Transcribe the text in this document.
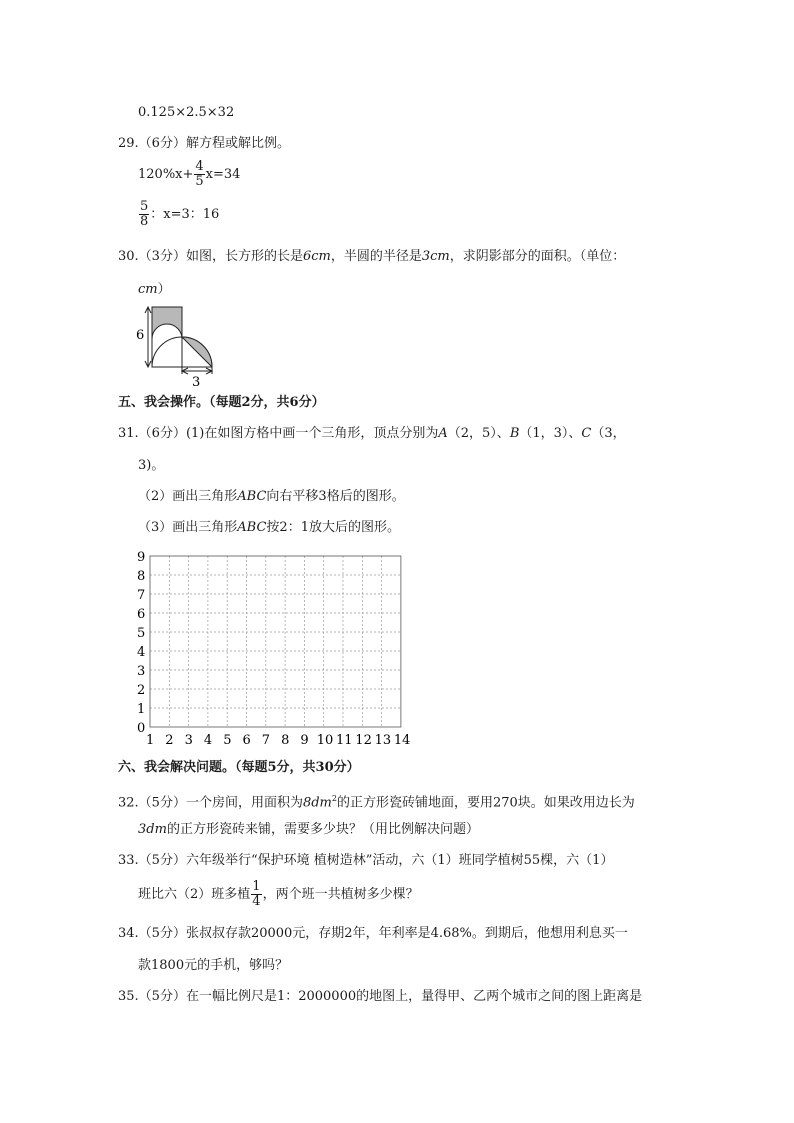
0.125×2.5×32
29.（6分）解方程或解比例。
$120\%x+ \frac{4}{5} x=34$
$\frac{5}{8}$ ：x=3：16
30.（3分）如图，长方形的长是6cm，半圆的半径是3cm，求阴影部分的面积。（单位：
cm）
6
3
五、我会操作。（每题2分，共6分）
31.（6分）(1)在如图方格中画一个三角形，顶点分别为A（2，5）、B（1，3）、C（3，
3)。
（2）画出三角形ABC向右平移3格后的图形。
（3）画出三角形ABC按2：1放大后的图形。
0
1
2
3
4
5
6
7
8
9
1 2 3 4 5 6 7 8 9 10 11 12 13 14
六、我会解决问题。（每题5分，共30分）
32.（5分）一个房间，用面积为$8dm^2$的正方形瓷砖铺地面，要用270块。如果改用边长为
3dm的正方形瓷砖来铺，需要多少块？（用比例解决问题）
33.（5分）六年级举行“保护环境 植树造林”活动，六（1）班同学植树55棵，六（1）
班比六（2）班多植 $\frac{1}{4}$ ，两个班一共植树多少棵？
34.（5分）张叔叔存款20000元，存期2年，年利率是4.68%。到期后，他想用利息买一
款1800元的手机，够吗？
35.（5分）在一幅比例尺是1：2000000的地图上，量得甲、乙两个城市之间的图上距离是
